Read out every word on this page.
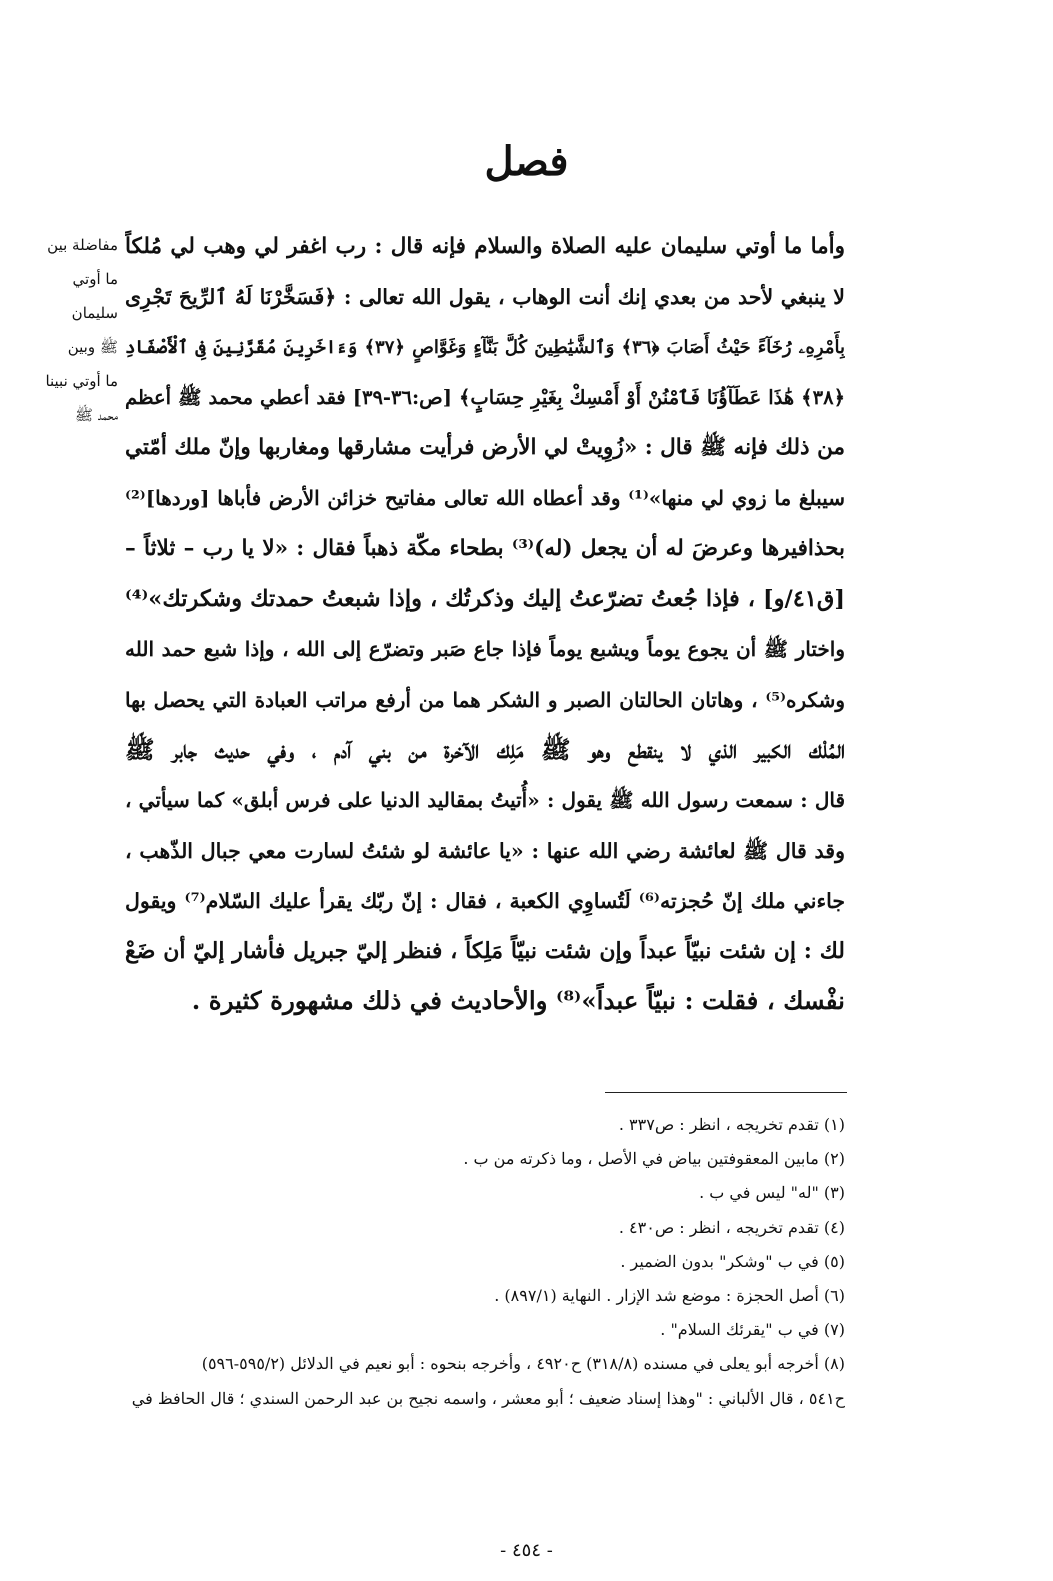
فصل
مفاضلة بين
ما أوتي
سليمان
ﷺ وبين
ما أوتي نبينا
محمد ﷺ
وأما ما أوتي سليمان عليه الصلاة والسلام فإنه قال : رب اغفر لي وهب لي مُلكاً
لا ينبغي لأحد من بعدي إنك أنت الوهاب ، يقول الله تعالى : ﴿فَسَخَّرْنَا لَهُ ٱلرِّيحَ تَجْرِى
بِأَمْرِهِۦ رُخَآءً حَيْثُ أَصَابَ ﴿٣٦﴾ وَٱلشَّيَٰطِينَ كُلَّ بَنَّآءٍ وَغَوَّاصٍ ﴿٣٧﴾ وَءَاخَرِينَ مُقَرَّنِينَ فِى ٱلْأَصْفَادِ
﴿٣٨﴾ هَٰذَا عَطَآؤُنَا فَٱمْنُنْ أَوْ أَمْسِكْ بِغَيْرِ حِسَابٍ﴾ [ص:٣٦-٣٩] فقد أعطي محمد ﷺ أعظم
من ذلك فإنه ﷺ قال : «زُوِيتْ لي الأرض فرأيت مشارقها ومغاربها وإنّ ملك أمّتي
سيبلغ ما زوي لي منها»⁽¹⁾ وقد أعطاه الله تعالى مفاتيح خزائن الأرض فأباها [وردها]⁽²⁾
بحذافيرها وعرضَ له أن يجعل (له)⁽³⁾ بطحاء مكّة ذهباً فقال : «لا يا رب – ثلاثاً –
[ق٤١/و] ، فإذا جُعتُ تضرّعتُ إليك وذكرتُك ، وإذا شبعتُ حمدتك وشكرتك»⁽⁴⁾
واختار ﷺ أن يجوع يوماً ويشبع يوماً فإذا جاع صَبر وتضرّع إلى الله ، وإذا شبع حمد الله
وشكره⁽⁵⁾ ، وهاتان الحالتان الصبر و الشكر هما من أرفع مراتب العبادة التي يحصل بها
المُلْك الكبير الذي لا ينقطع وهو ﷺ مَلِك الآخرة من بني آدم ، وفي حديث جابر ﷺ
قال : سمعت رسول الله ﷺ يقول : «أُتيتُ بمقاليد الدنيا على فرس أبلق» كما سيأتي ،
وقد قال ﷺ لعائشة رضي الله عنها : «يا عائشة لو شئتُ لسارت معي جبال الذّهب ،
جاءني ملك إنّ حُجزته⁽⁶⁾ لَتُساوِي الكعبة ، فقال : إنّ ربّك يقرأ عليك السّلام⁽⁷⁾ ويقول
لك : إن شئت نبيّاً عبداً وإن شئت نبيّاً مَلِكاً ، فنظر إليّ جبريل فأشار إليّ أن ضَعْ
نفْسك ، فقلت : نبيّاً عبداً»⁽⁸⁾ والأحاديث في ذلك مشهورة كثيرة .
(١) تقدم تخريجه ، انظر : ص٣٣٧ .
(٢) مابين المعقوفتين بياض في الأصل ، وما ذكرته من ب .
(٣) "له" ليس في ب .
(٤) تقدم تخريجه ، انظر : ص٤٣٠ .
(٥) في ب "وشكر" بدون الضمير .
(٦) أصل الحجزة : موضع شد الإزار . النهاية (٨٩٧/١) .
(٧) في ب "يقرئك السلام" .
(٨) أخرجه أبو يعلى في مسنده (٣١٨/٨) ح٤٩٢٠ ، وأخرجه بنحوه : أبو نعيم في الدلائل (٥٩٥/٢-٥٩٦)
ح٥٤١ ، قال الألباني : "وهذا إسناد ضعيف ؛ أبو معشر ، واسمه نجيح بن عبد الرحمن السندي ؛ قال الحافظ في
- ٤٥٤ -
